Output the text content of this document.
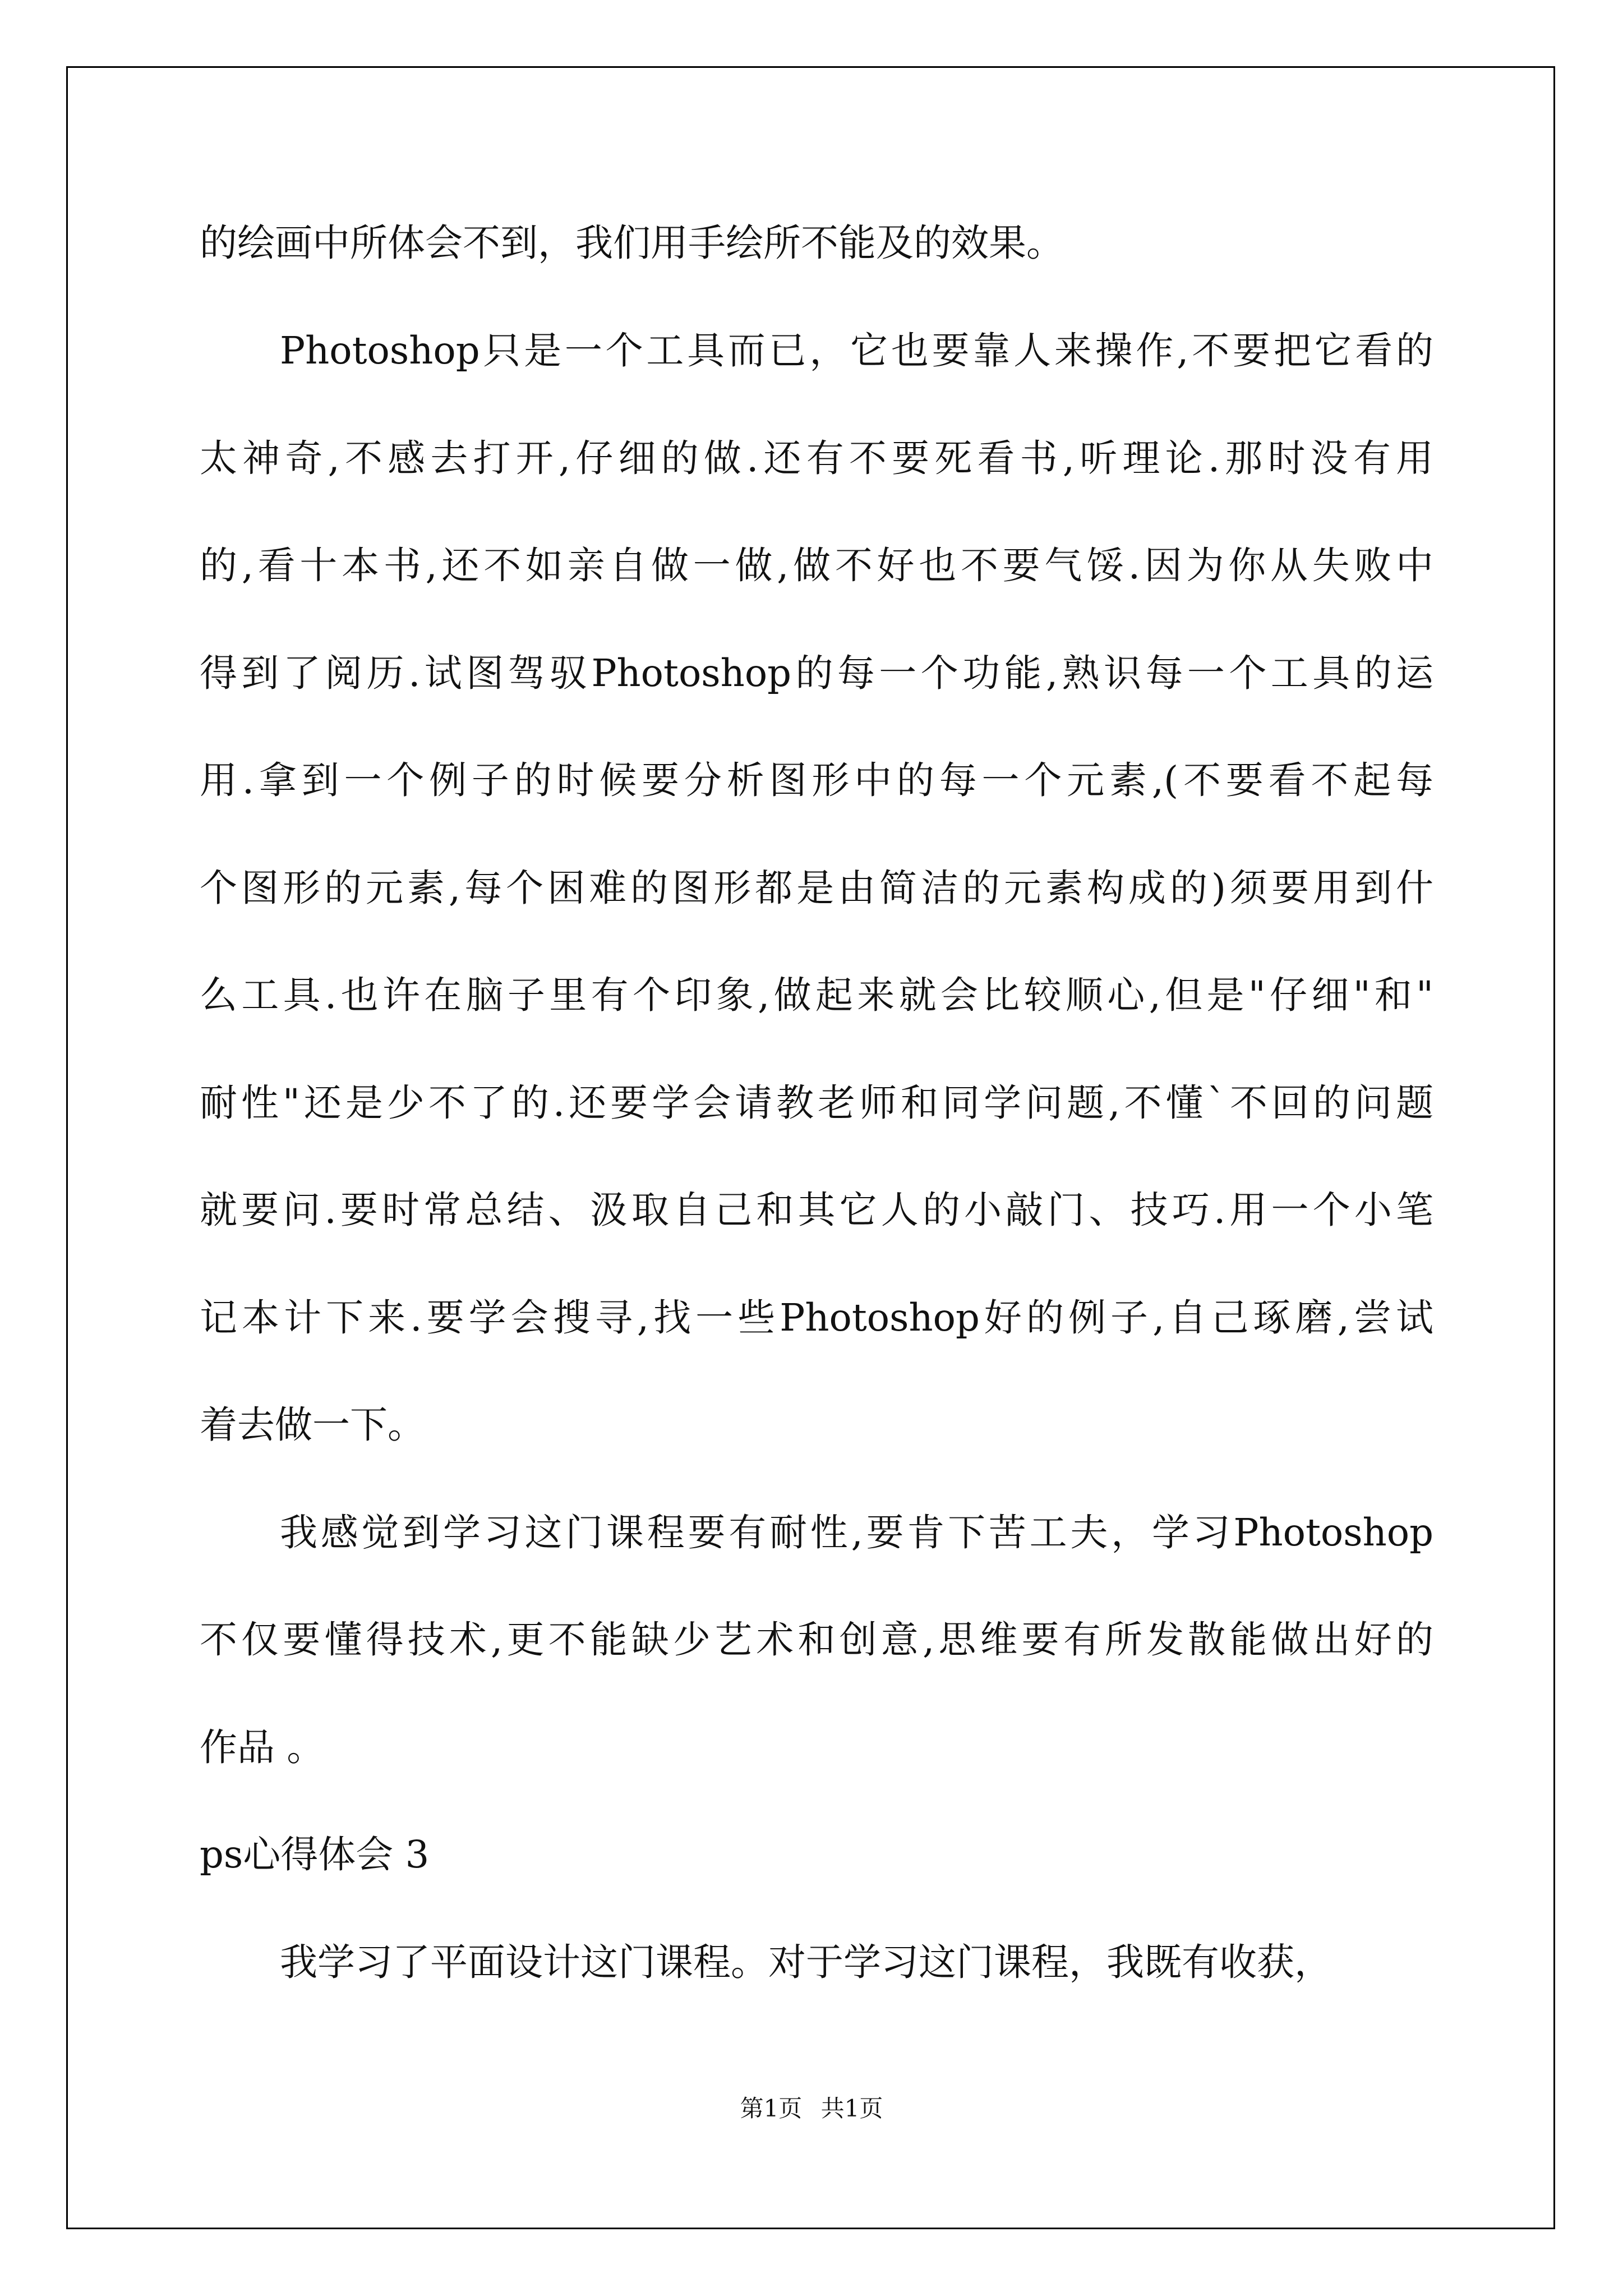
的绘画中所体会不到，我们用手绘所不能及的效果。
Photoshop只是一个工具而已，它也要靠人来操作,不要把它看的
太神奇,不感去打开,仔细的做.还有不要死看书,听理论.那时没有用
的,看十本书,还不如亲自做一做,做不好也不要气馁.因为你从失败中
得到了阅历.试图驾驭Photoshop的每一个功能,熟识每一个工具的运
用.拿到一个例子的时候要分析图形中的每一个元素,(不要看不起每
个图形的元素,每个困难的图形都是由简洁的元素构成的)须要用到什
么工具.也许在脑子里有个印象,做起来就会比较顺心,但是"仔细"和"
耐性"还是少不了的.还要学会请教老师和同学问题,不懂`不回的问题
就要问.要时常总结、汲取自己和其它人的小敲门、技巧.用一个小笔
记本计下来.要学会搜寻,找一些Photoshop好的例子,自己琢磨,尝试
着去做一下。
我感觉到学习这门课程要有耐性,要肯下苦工夫，学习Photoshop
不仅要懂得技术,更不能缺少艺术和创意,思维要有所发散能做出好的
作品 。
ps心得体会 3
我学习了平面设计这门课程。对于学习这门课程，我既有收获，
第1页 共1页
